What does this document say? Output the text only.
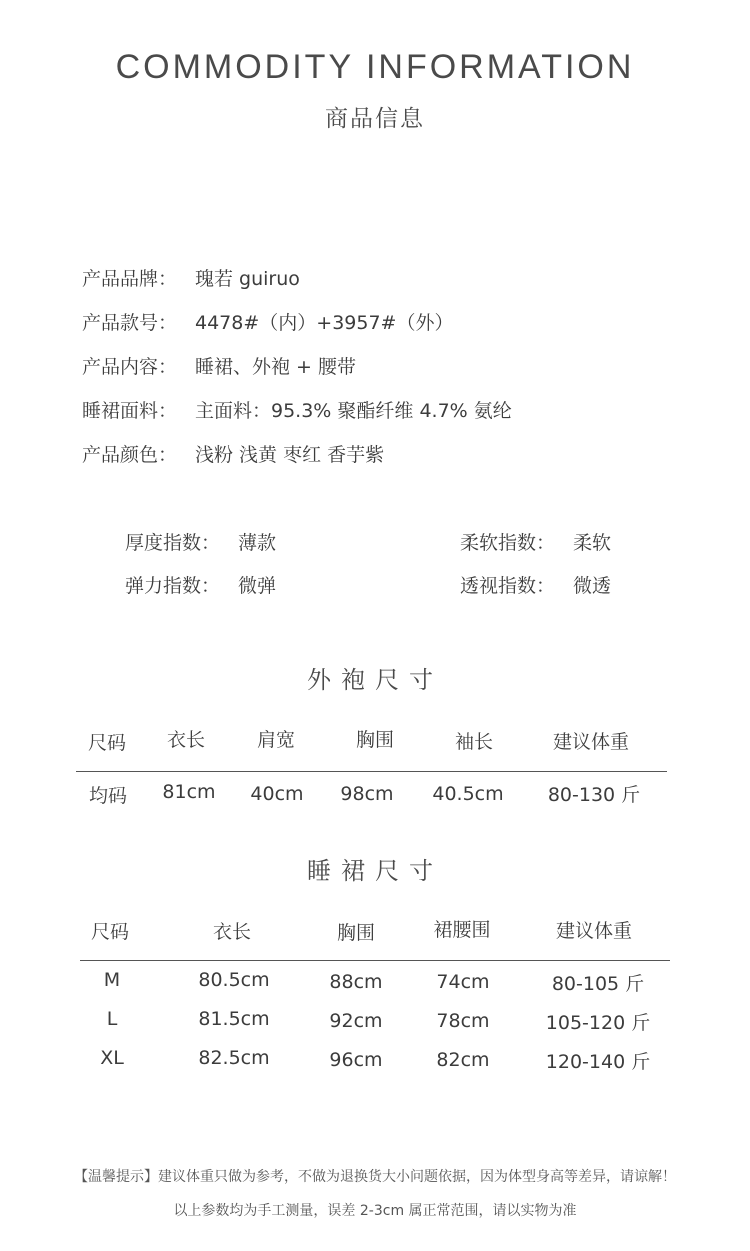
COMMODITY INFORMATION
商品信息
产品品牌： 瑰若 guiruo
产品款号： 4478#（内）+3957#（外）
产品内容： 睡裙、外袍 + 腰带
睡裙面料： 主面料：95.3% 聚酯纤维 4.7% 氨纶
产品颜色： 浅粉 浅黄 枣红 香芋紫
厚度指数： 薄款	柔软指数： 柔软
弹力指数： 微弹	透视指数： 微透
外袍尺寸
尺码 衣长	肩宽	胸围	袖长	建议体重
均码 81cm 40cm 98cm 40.5cm 80-130 斤
睡裙尺寸
尺码	衣长	胸围	裙腰围	建议体重
M	80.5cm	88cm	74cm	80-105 斤
L	81.5cm	92cm	78cm	105-120 斤
XL	82.5cm	96cm	82cm	120-140 斤
【温馨提示】建议体重只做为参考，不做为退换货大小问题依据，因为体型身高等差异，请谅解！
以上参数均为手工测量，误差 2-3cm 属正常范围，请以实物为准
